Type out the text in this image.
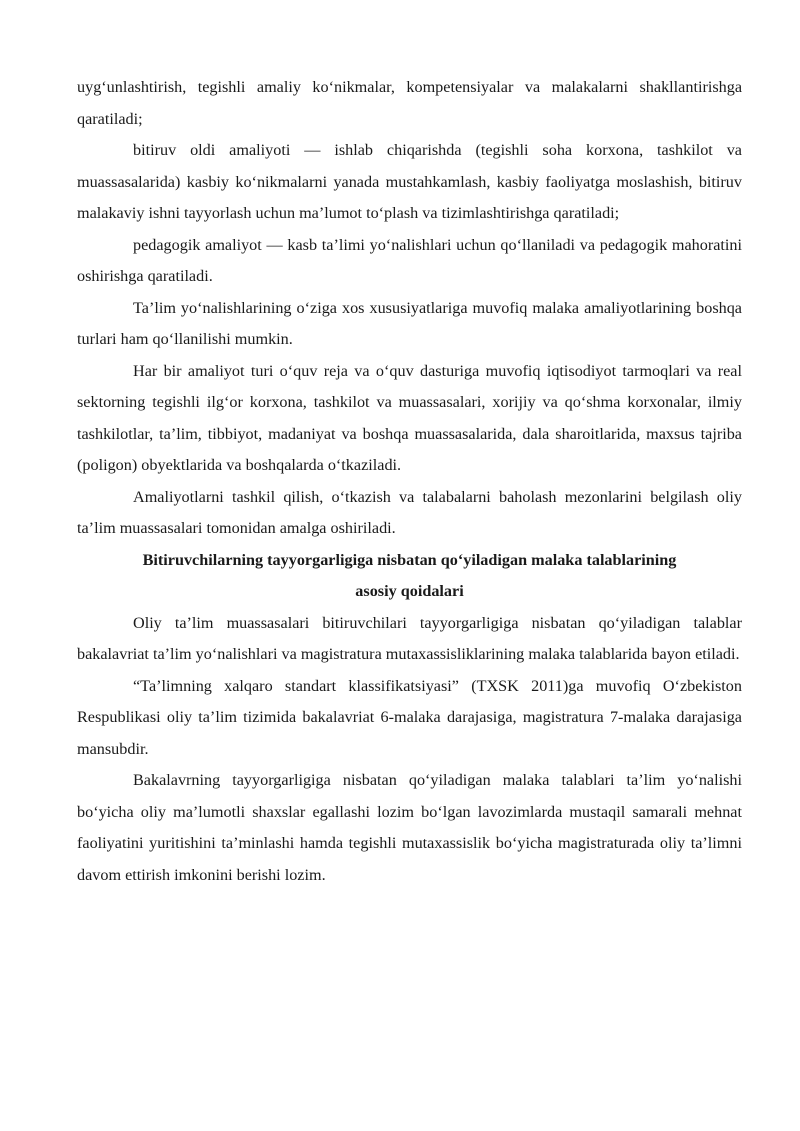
uyg‘unlashtirish, tegishli amaliy ko‘nikmalar, kompetensiyalar va malakalarni shakllantirishga qaratiladi;

bitiruv oldi amaliyoti — ishlab chiqarishda (tegishli soha korxona, tashkilot va muassasalarida) kasbiy ko‘nikmalarni yanada mustahkamlash, kasbiy faoliyatga moslashish, bitiruv malakaviy ishni tayyorlash uchun ma’lumot to‘plash va tizimlashtirishga qaratiladi;

pedagogik amaliyot — kasb ta’limi yo‘nalishlari uchun qo‘llaniladi va pedagogik mahoratini oshirishga qaratiladi.

Ta’lim yo‘nalishlarining o‘ziga xos xususiyatlariga muvofiq malaka amaliyotlarining boshqa turlari ham qo‘llanilishi mumkin.

Har bir amaliyot turi o‘quv reja va o‘quv dasturiga muvofiq iqtisodiyot tarmoqlari va real sektorning tegishli ilg‘or korxona, tashkilot va muassasalari, xorijiy va qo‘shma korxonalar, ilmiy tashkilotlar, ta’lim, tibbiyot, madaniyat va boshqa muassasalarida, dala sharoitlarida, maxsus tajriba (poligon) obyektlarida va boshqalarda o‘tkaziladi.

Amaliyotlarni tashkil qilish, o‘tkazish va talabalarni baholash mezonlarini belgilash oliy ta’lim muassasalari tomonidan amalga oshiriladi.

Bitiruvchilarning tayyorgarligiga nisbatan qo‘yiladigan malaka talablarining

asosiy qoidalari

Oliy ta’lim muassasalari bitiruvchilari tayyorgarligiga nisbatan qo‘yiladigan talablar bakalavriat ta’lim yo‘nalishlari va magistratura mutaxassisliklarining malaka talablarida bayon etiladi.

“Ta’limning xalqaro standart klassifikatsiyasi” (TXSK 2011)ga muvofiq O‘zbekiston Respublikasi oliy ta’lim tizimida bakalavriat 6-malaka darajasiga, magistratura 7-malaka darajasiga mansubdir.

Bakalavrning tayyorgarligiga nisbatan qo‘yiladigan malaka talablari ta’lim yo‘nalishi bo‘yicha oliy ma’lumotli shaxslar egallashi lozim bo‘lgan lavozimlarda mustaqil samarali mehnat faoliyatini yuritishini ta’minlashi hamda tegishli mutaxassislik bo‘yicha magistraturada oliy ta’limni davom ettirish imkonini berishi lozim.
